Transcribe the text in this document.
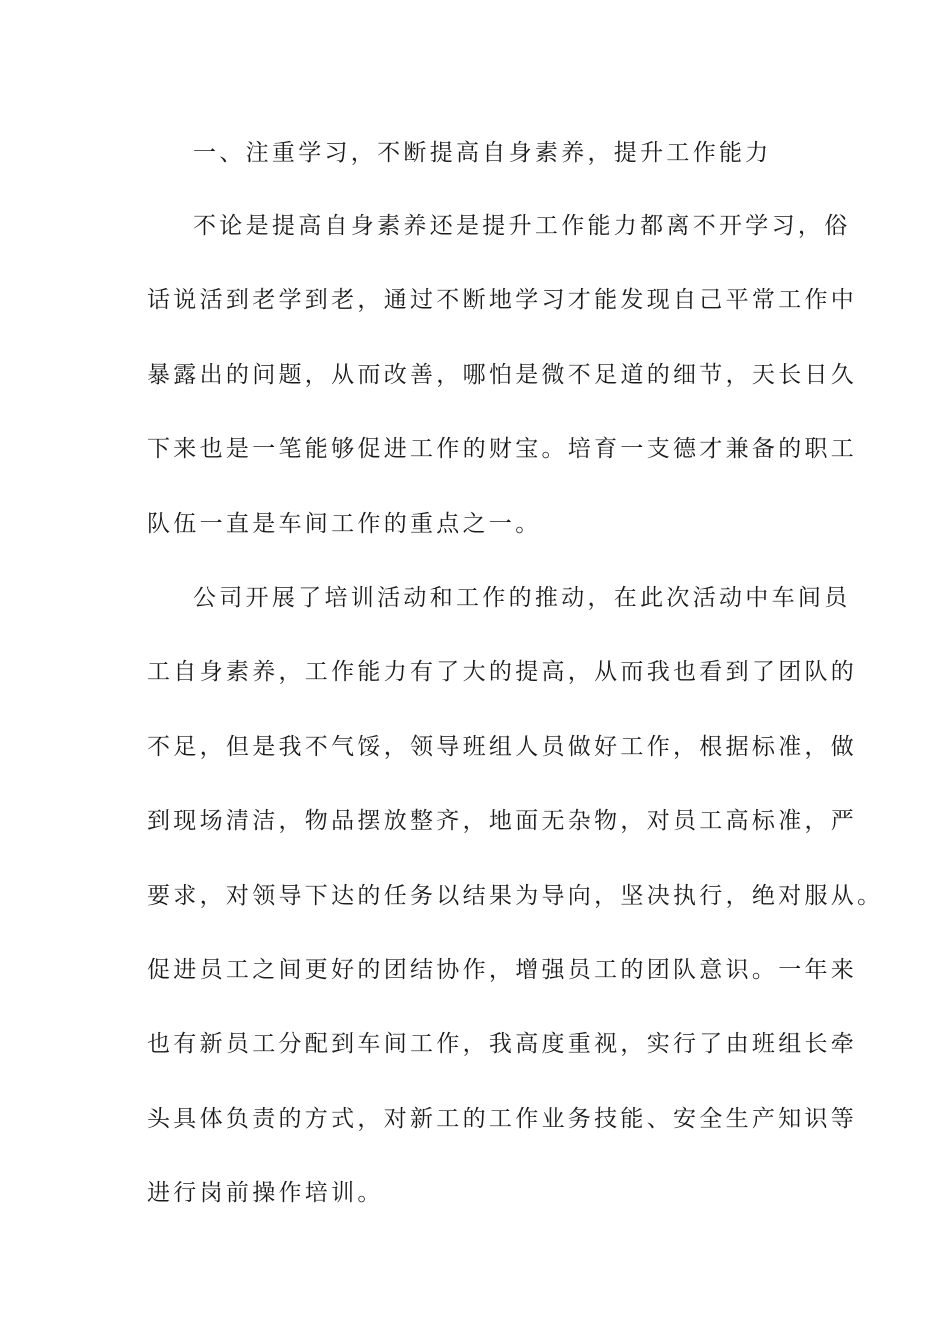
一、注重学习，不断提高自身素养，提升工作能力
不论是提高自身素养还是提升工作能力都离不开学习，俗
话说活到老学到老，通过不断地学习才能发现自己平常工作中
暴露出的问题，从而改善，哪怕是微不足道的细节，天长日久
下来也是一笔能够促进工作的财宝。培育一支德才兼备的职工
队伍一直是车间工作的重点之一。
公司开展了培训活动和工作的推动，在此次活动中车间员
工自身素养，工作能力有了大的提高，从而我也看到了团队的
不足，但是我不气馁，领导班组人员做好工作，根据标准，做
到现场清洁，物品摆放整齐，地面无杂物，对员工高标准，严
要求，对领导下达的任务以结果为导向，坚决执行，绝对服从。
促进员工之间更好的团结协作，增强员工的团队意识。一年来
也有新员工分配到车间工作，我高度重视，实行了由班组长牵
头具体负责的方式，对新工的工作业务技能、安全生产知识等
进行岗前操作培训。
